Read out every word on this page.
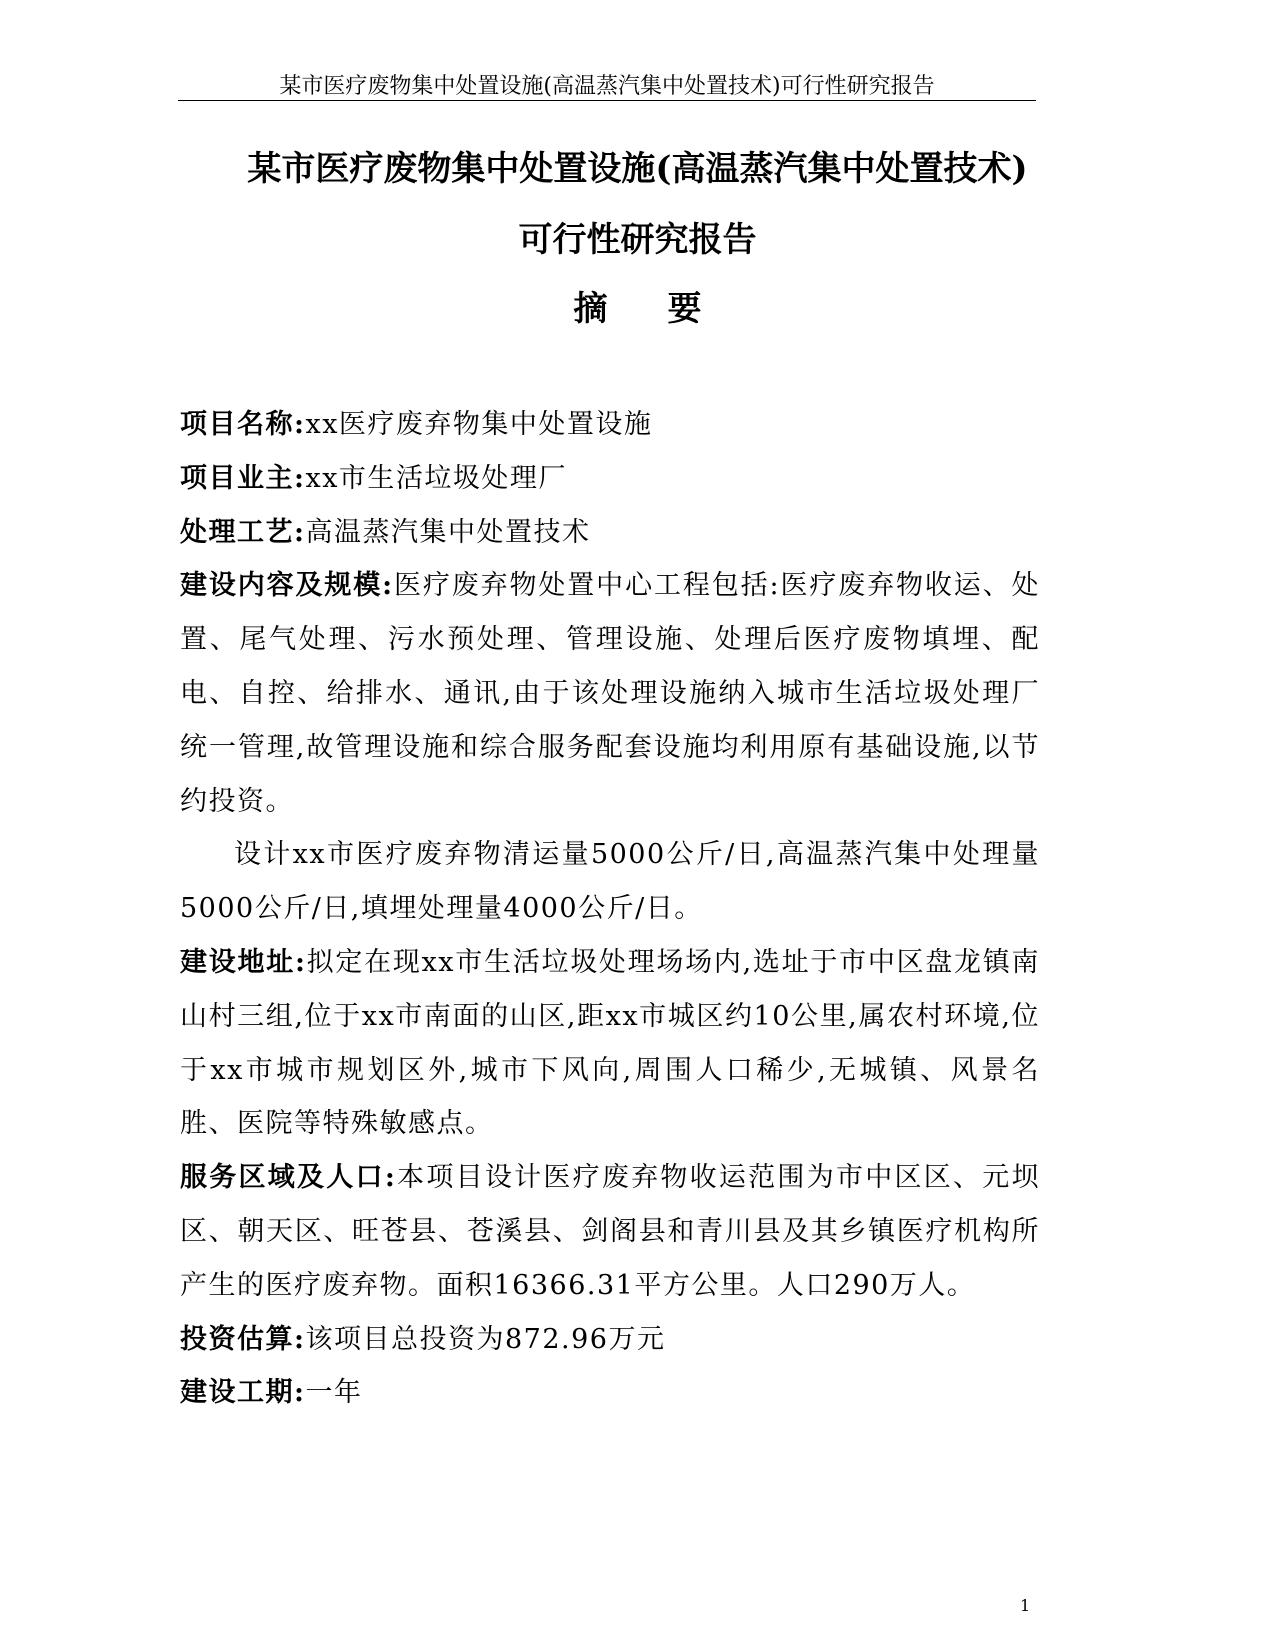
某市医疗废物集中处置设施(高温蒸汽集中处置技术)可行性研究报告
某市医疗废物集中处置设施(高温蒸汽集中处置技术)
可行性研究报告
摘要

项目名称:xx医疗废弃物集中处置设施

项目业主:xx市生活垃圾处理厂

处理工艺:高温蒸汽集中处置技术

建设内容及规模:医疗废弃物处置中心工程包括:医疗废弃物收运、处置、尾气处理、污水预处理、管理设施、处理后医疗废物填埋、配电、自控、给排水、通讯,由于该处理设施纳入城市生活垃圾处理厂统一管理,故管理设施和综合服务配套设施均利用原有基础设施,以节约投资。

设计xx市医疗废弃物清运量5000公斤/日,高温蒸汽集中处理量5000公斤/日,填埋处理量4000公斤/日。

建设地址:拟定在现xx市生活垃圾处理场场内,选址于市中区盘龙镇南山村三组,位于xx市南面的山区,距xx市城区约10公里,属农村环境,位于xx市城市规划区外,城市下风向,周围人口稀少,无城镇、风景名胜、医院等特殊敏感点。

服务区域及人口:本项目设计医疗废弃物收运范围为市中区区、元坝区、朝天区、旺苍县、苍溪县、剑阁县和青川县及其乡镇医疗机构所产生的医疗废弃物。面积16366.31平方公里。人口290万人。

投资估算:该项目总投资为872.96万元

建设工期:一年

1
